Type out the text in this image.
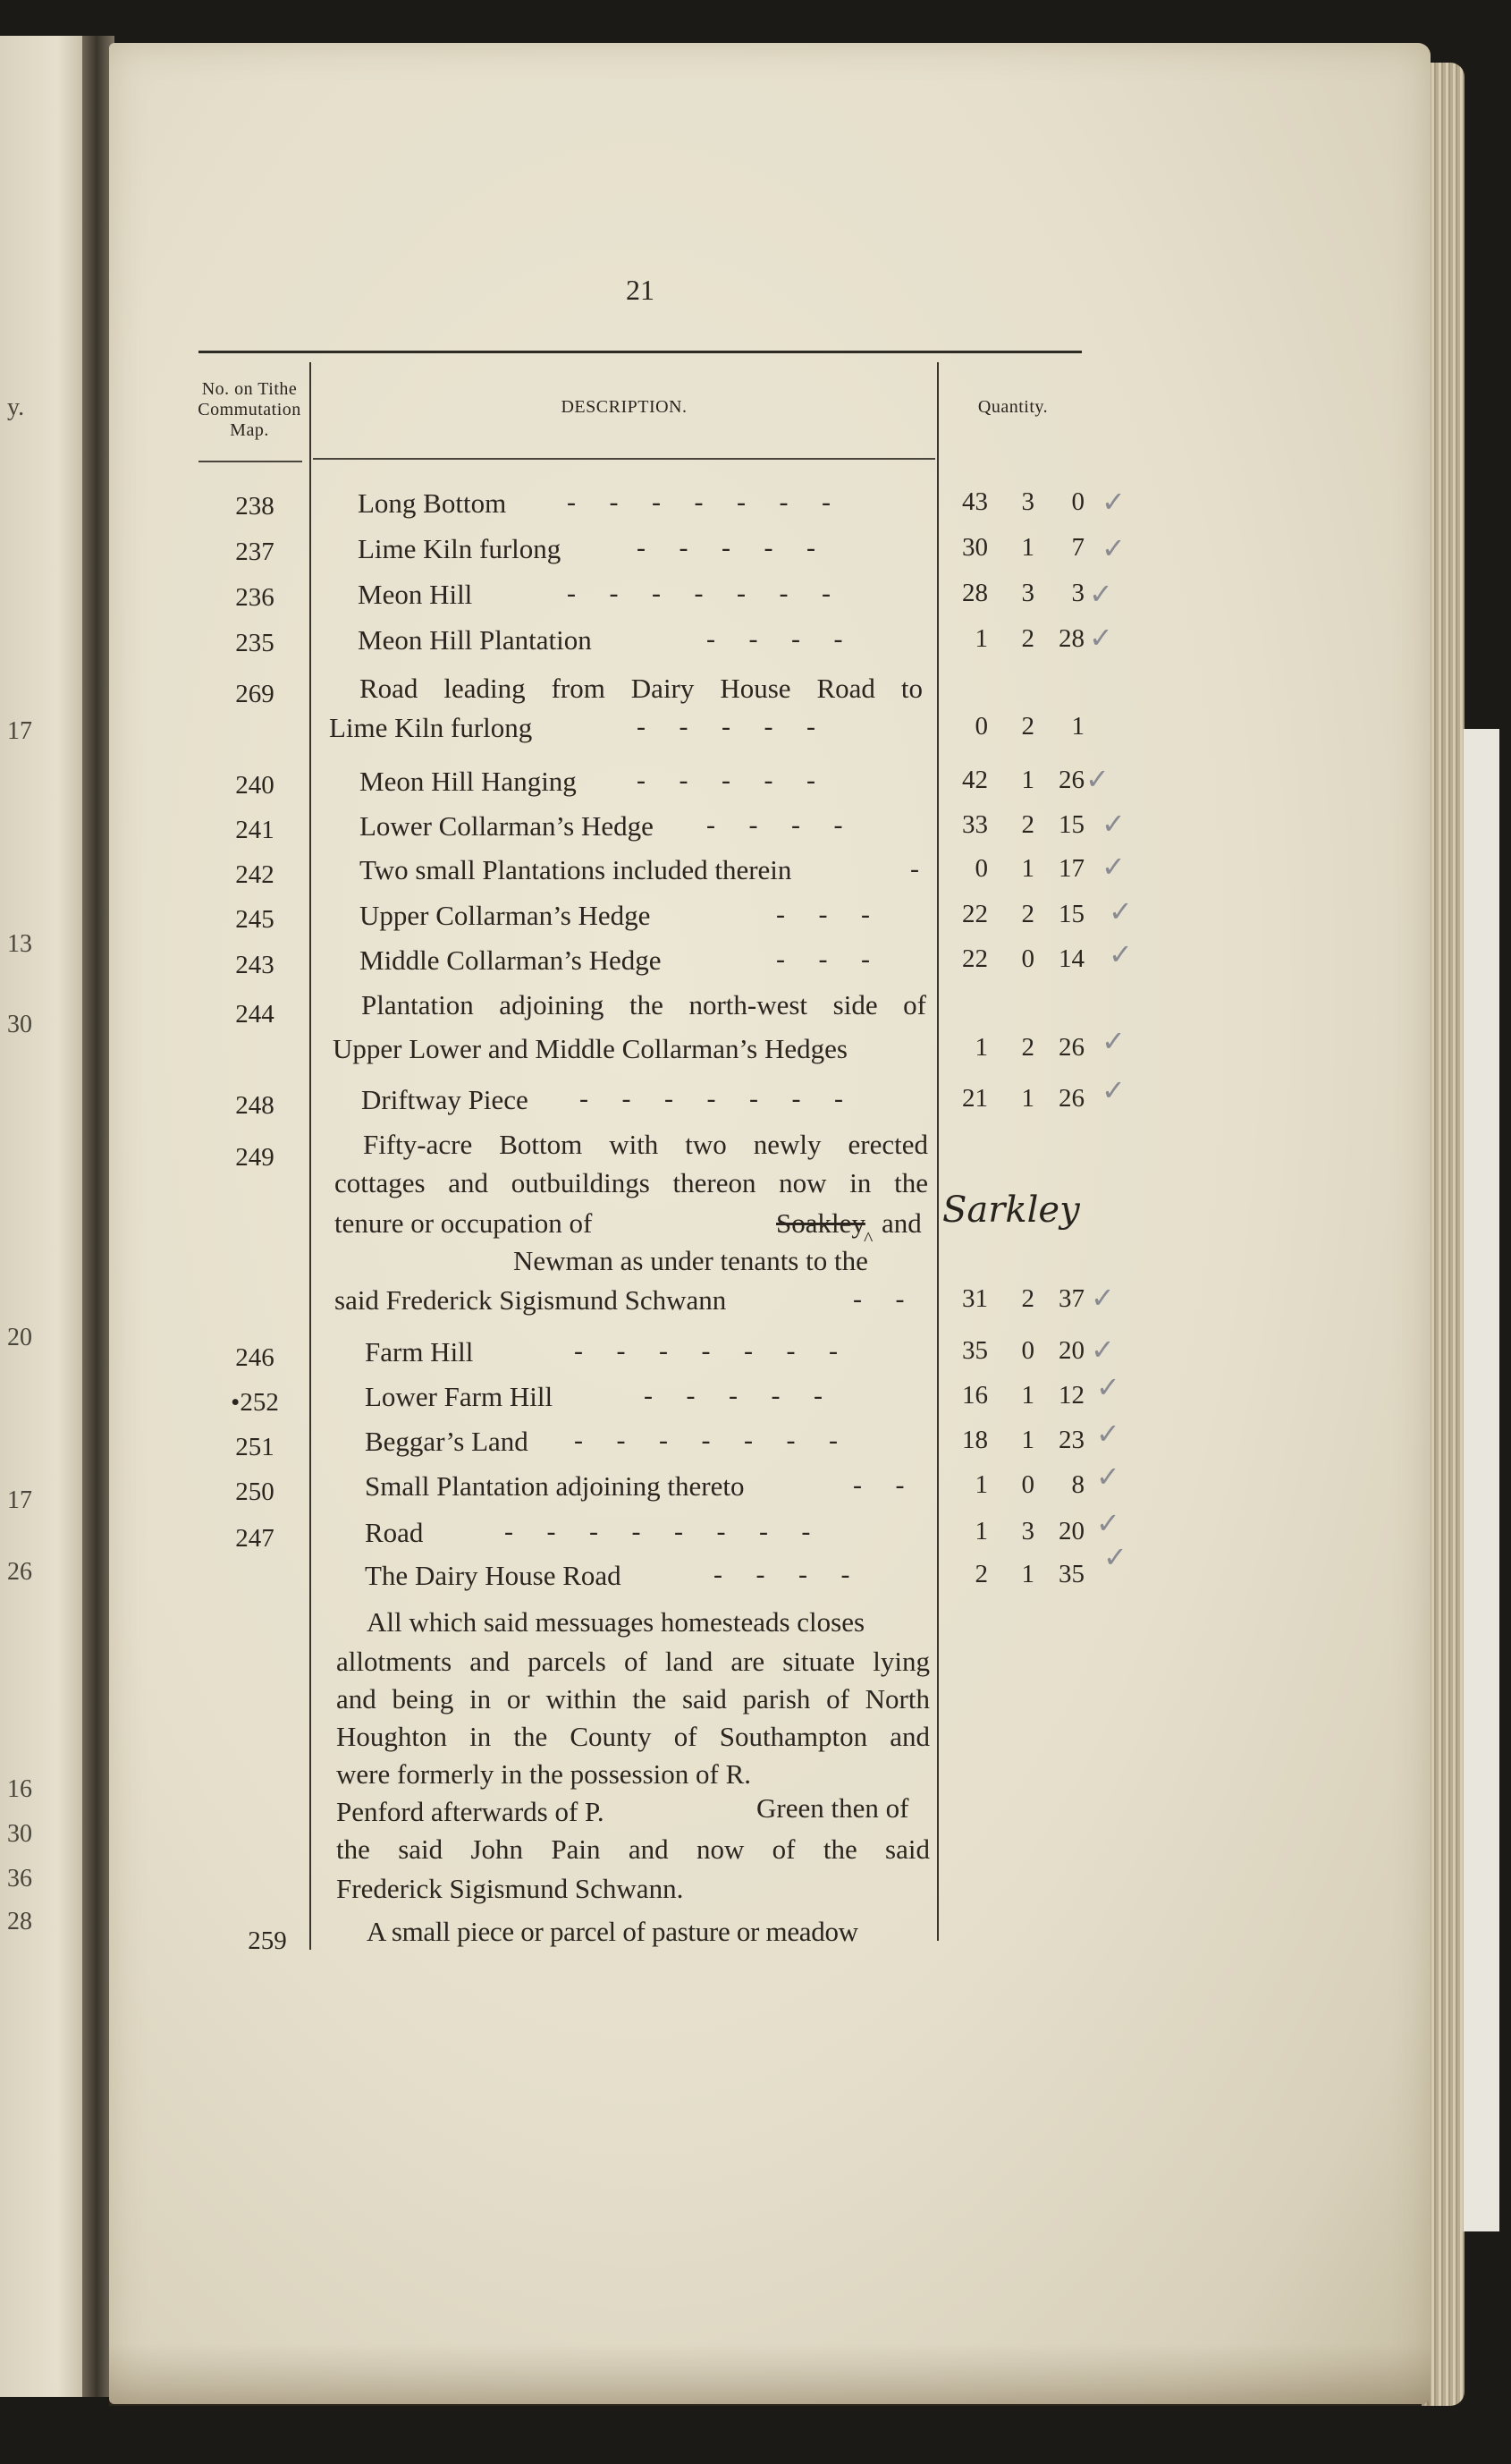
y.
17
13
30
20
17
26
16
30
36
28
21
No. on Tithe Commutation Map.
DESCRIPTION.	Quantity.
238	Long Bottom -     -     -     -     -     -     -	43 3 0 ✓
237	Lime Kiln furlong	-     -     -     -     -	30 1 7 ✓
236	Meon Hill	-     -     -     -     -     -     -	28 3 3 ✓
235	Meon Hill Plantation	-     -     -     -	1 2 28 ✓
269	Road leading from Dairy House Road to
Lime Kiln furlong	-     -     -     -     -	0 2 1
240	Meon Hill Hanging -     -     -     -     -	42 1 26 ✓
241	Lower Collarman’s Hedge -     -     -     -	33 2 15 ✓
242	Two small Plantations included therein	-	0 1 17 ✓
245	Upper Collarman’s Hedge	-     -     -	22 2 15 ✓
243	Middle Collarman’s Hedge	-     -     -	22 0 14 ✓
244	Plantation adjoining the north-west side of
Upper Lower and Middle Collarman’s Hedges	1 2 26 ✓
248	Driftway Piece -     -     -     -     -     -     -	21 1 26 ✓
249	Fifty-acre Bottom with two newly erected
cottages and outbuildings thereon now in the
tenure or occupation of	Soakley and
^
Sarkley
Newman as under tenants to the
said Frederick Sigismund Schwann	-     -	31 2 37 ✓
246	Farm Hill	-     -     -     -     -     -     -	35 0 20 ✓
•252	Lower Farm Hill	-     -     -     -     -	16 1 12 ✓
251	Beggar’s Land -     -     -     -     -     -     -	18 1 23 ✓
250	Small Plantation adjoining thereto	-     -	1 0 8 ✓
247	Road	-     -     -     -     -     -     -     -	1 3 20 ✓
The Dairy House Road	-     -     -     -	2 1 35 ✓
All which said messuages homesteads closes
allotments and parcels of land are situate lying
and being in or within the said parish of North
Houghton in the County of Southampton and
were formerly in the possession of R.
Penford afterwards of P.	Green then of
the said John Pain and now of the said
Frederick Sigismund Schwann.
259	A small piece or parcel of pasture or meadow
